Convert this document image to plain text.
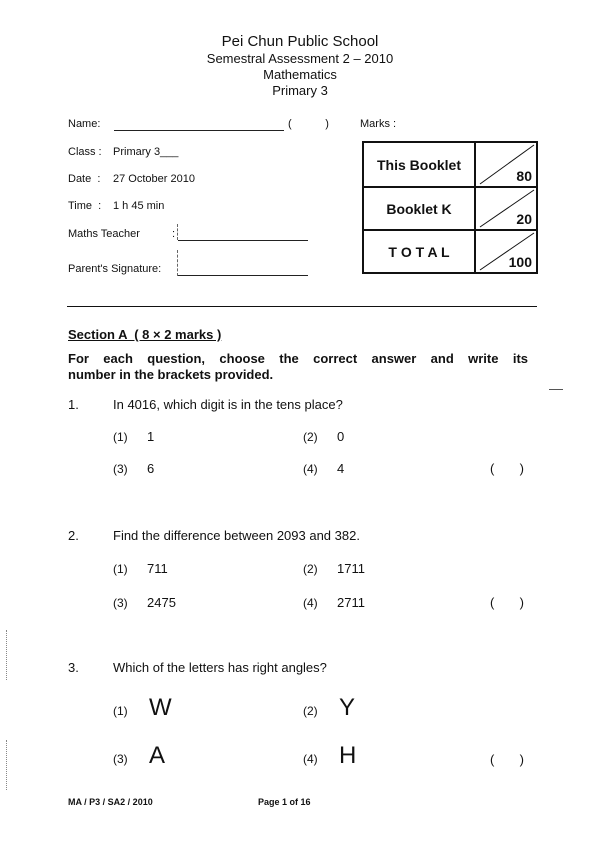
Pei Chun Public School
Semestral Assessment 2 – 2010
Mathematics
Primary 3
Name:	(           )	Marks :
Class : Primary 3___
Date  : 27 October 2010
Time  : 1 h 45 min
Maths Teacher	:
Parent's Signature:
This Booklet	80

Booklet K	20

T O T A L	100
Section A  ( 8 × 2 marks )
For each question, choose the correct answer and write its
number in the brackets provided.
1.	In 4016, which digit is in the tens place?
(1) 1	(2) 0
(3) 6	(4) 4	(       )
2.	Find the difference between 2093 and 382.
(1) 711	(2) 1711
(3) 2475	(4) 2711	(       )
3.	Which of the letters has right angles?
(1) W	(2) Y
(3) A	(4) H	(       )
MA / P3 / SA2 / 2010	Page 1 of 16
